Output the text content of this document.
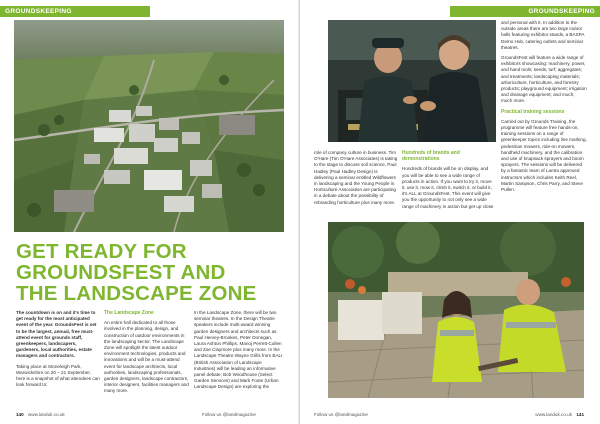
GROUNDSKEEPING
GET READY FOR
GROUNDSFEST AND
THE LANDSCAPE ZONE

The countdown is on and it's time to get ready for the most anticipated event of the year. GroundsFest is set to be the largest, annual, free must-attend event for grounds staff, greenkeepers, landscapers, gardeners, local authorities, estate managers and contractors.

Taking place at Stoneleigh Park, Warwickshire on 20 – 21 September, here is a snapshot of what attendees can look forward to:

The Landscape Zone

An entire hall dedicated to all those involved in the planning, design, and construction of outdoor environments in the landscaping sector. The Landscape Zone will spotlight the latest outdoor environment technologies, products and innovations and will be a must-attend event for landscape architects, local authorities, landscaping professionals, garden designers, landscape contractors, interior designers, facilities managers and many more.

In the Landscape Zone, there will be two seminar theatres. In the Design Theatre speakers include multi-award winning garden designers and architects such as Paul Hervey-Brookes, Peter Donegan, Laura Ashton Phillips, Manoj Perrett-Cullen and Zoe Claymore plus many more. In the Landscape Theatre Wayne Grills from BALI (British Association of Landscape Industries) will be leading an informative panel debate; Bob Woodhouse (Select Garden Services) and Mark Foote (Urban Landscape Design) are exploring the

140 www.landuk.co.uk	Follow us @landmagazine
GROUNDSKEEPING

role of company culture in business. Tim O'Hare (Tim O'Hare Associates) is taking to the stage to discuss soil science. Paul Hadley (Paul Hadley Design) is delivering a seminar entitled Wildflowers in landscaping and the Young People in Horticulture Association are participating in a debate about the possibility of rebranding horticulture plus many more.

Hundreds of brands and demonstrations

Hundreds of brands will be on display, and you will be able to see a wide range of products in action. If you want to try it, move it, use it, mow it, climb it, switch it, or build it, it's ALL at GroundsFest. This event will give you the opportunity to not only see a wide range of machinery in action but get up close

and personal with it. In addition to the outside areas there are two large indoor halls featuring exhibitor stands, a BASPA Demo Hub, catering outlets and seminar theatres.

GroundsFest will feature a wide range of exhibitors showcasing: machinery, power, and hand tools; seeds; turf; aggregates; and treatments; landscaping materials; arboriculture, horticulture, and forestry products; playground equipment; irrigation and drainage equipment; and much, much more.

Practical training sessions

Carried out by Grounds Training, the programme will feature free hands-on, training sessions on a range of greenkeeper topics including line marking, pedestrian mowers, ride-on mowers, handheld machinery, and the calibration and use of knapsack sprayers and boom sprayers. The sessions will be delivered by a fantastic team of Lantra approved instructors which includes Keith Reel, Martin Sampson, Chris Parry, and Steve Pullen.

Follow us @landmagazine	www.landuk.co.uk 141
